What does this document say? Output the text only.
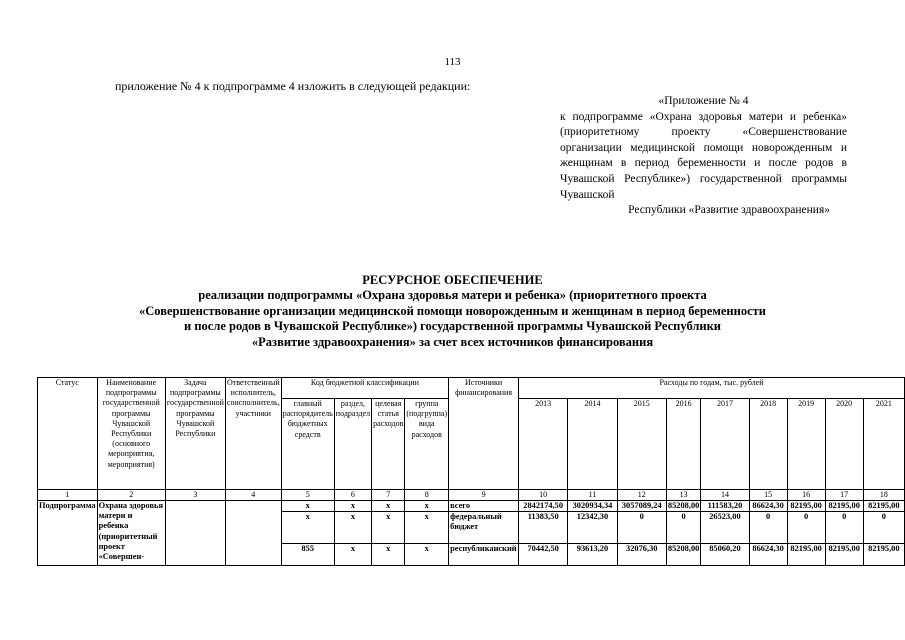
113
приложение № 4 к подпрограмме 4 изложить в следующей редакции:
«Приложение № 4
к подпрограмме «Охрана здоровья матери и ребенка» (приоритетному проекту «Совершенствование организации медицинской помощи новорожденным и женщинам в период беременности и после родов в Чувашской Республике») государственной программы Чувашской
Республики «Развитие здравоохранения»
РЕСУРСНОЕ ОБЕСПЕЧЕНИЕ
реализации подпрограммы «Охрана здоровья матери и ребенка» (приоритетного проекта
«Совершенствование организации медицинской помощи новорожденным и женщинам в период беременности
и после родов в Чувашской Республике») государственной программы Чувашской Республики
«Развитие здравоохранения» за счет всех источников финансирования
Статус	Наименование подпрограммы государственной программы Чувашской Республики (основного мероприятия, мероприятия)	Задача подпрограммы государственной программы Чувашской Республики	Ответственный исполнитель, соисполнитель, участники	Код бюджетной классификации				Источники финансирования	Расходы по годам, тыс. рублей								
				главный распорядитель бюджетных средств	раздел, подраздел	целевая статья расходов	группа (подгруппа) вида расходов		2013	2014	2015	2016	2017	2018	2019	2020	2021
1	2	3	4	5	6	7	8	9	10	11	12	13	14	15	16	17	18
Подпрограмма	Охрана здоровья матери и ребенка (приоритетный проект «Совершен-			x	x	x	x	всего	2842174,50	3020934,34	3057089,24	85208,00	111583,20	86624,30	82195,00	82195,00	82195,00
				x	x	x	x	федеральный бюджет	11383,50	12342,30	0	0	26523,00	0	0	0	0
				855	x	x	x	республиканский	70442,50	93613,20	32076,30	85208,00	85060,20	86624,30	82195,00	82195,00	82195,00
